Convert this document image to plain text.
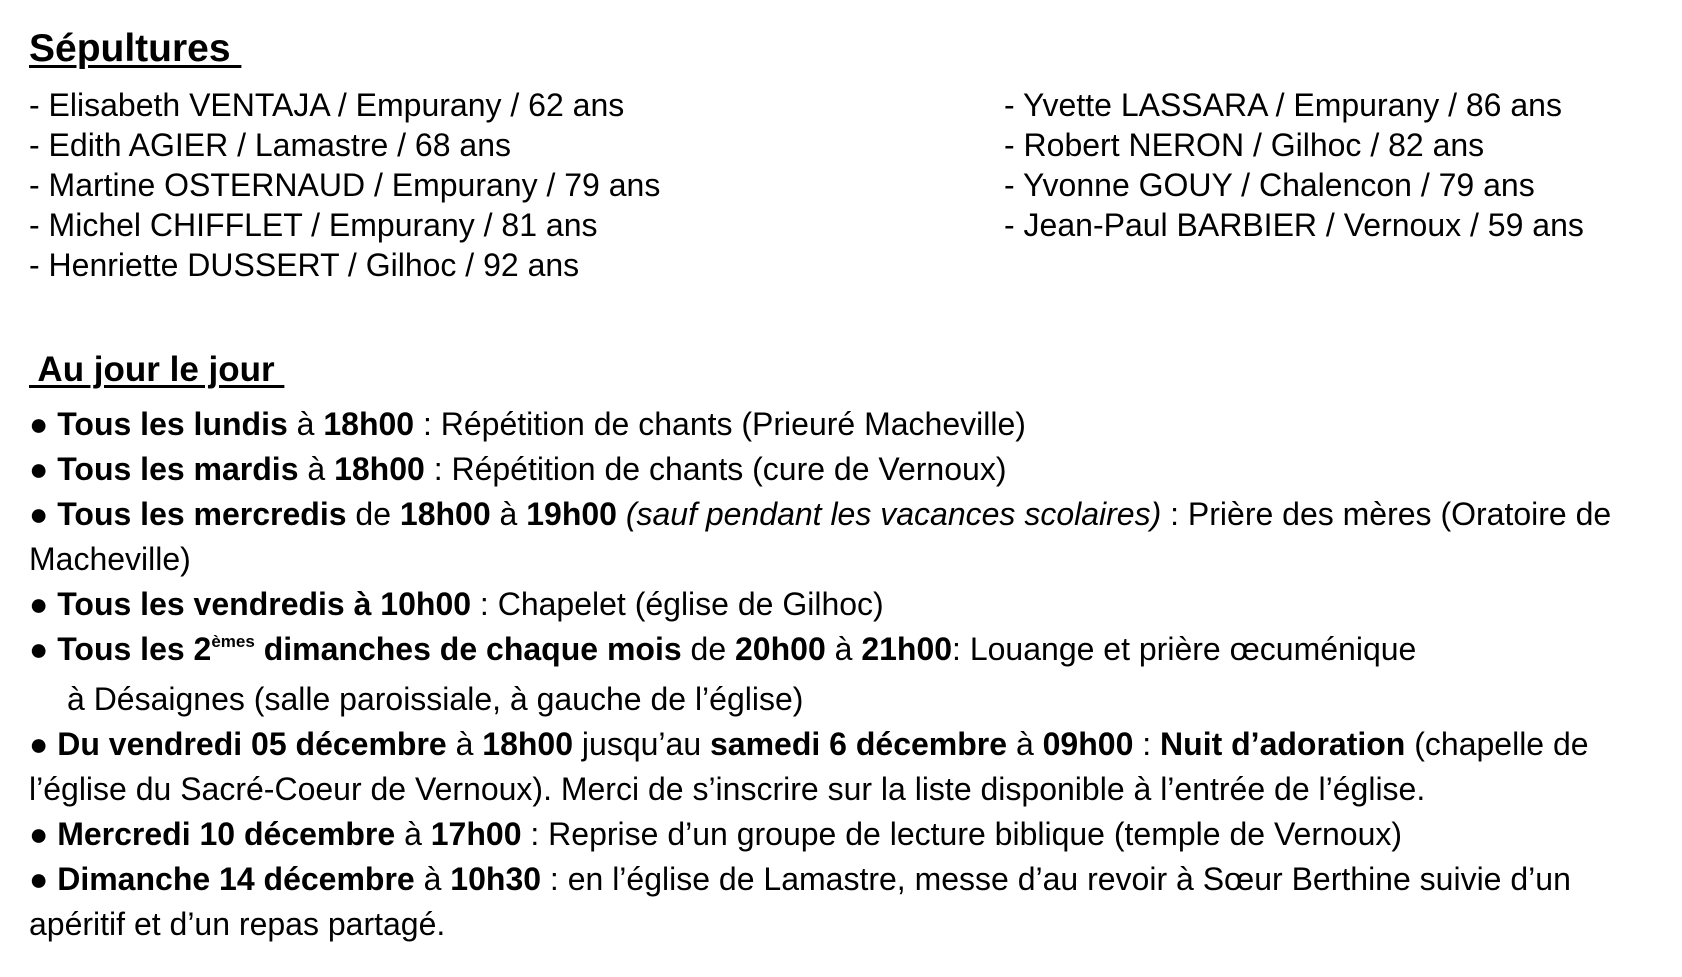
Sépultures
- Elisabeth VENTAJA / Empurany / 62 ans
- Edith AGIER / Lamastre / 68 ans
- Martine OSTERNAUD / Empurany / 79 ans
- Michel CHIFFLET / Empurany / 81 ans
- Henriette DUSSERT / Gilhoc / 92 ans
- Yvette LASSARA / Empurany / 86 ans
- Robert NERON / Gilhoc / 82 ans
- Yvonne GOUY / Chalencon / 79 ans
- Jean-Paul BARBIER / Vernoux / 59 ans
Au jour le jour
● Tous les lundis à 18h00 : Répétition de chants (Prieuré Macheville)
● Tous les mardis à 18h00 : Répétition de chants (cure de Vernoux)
● Tous les mercredis de 18h00 à 19h00 (sauf pendant les vacances scolaires) : Prière des mères (Oratoire de Macheville)
● Tous les vendredis à 10h00 : Chapelet (église de Gilhoc)
● Tous les 2èmes dimanches de chaque mois de 20h00 à 21h00: Louange et prière œcuménique
à Désaignes (salle paroissiale, à gauche de l’église)
● Du vendredi 05 décembre à 18h00 jusqu’au samedi 6 décembre à 09h00 : Nuit d’adoration (chapelle de l’église du Sacré-Coeur de Vernoux). Merci de s’inscrire sur la liste disponible à l’entrée de l’église.
● Mercredi 10 décembre à 17h00 : Reprise d’un groupe de lecture biblique (temple de Vernoux)
● Dimanche 14 décembre à 10h30 : en l’église de Lamastre, messe d’au revoir à Sœur Berthine suivie d’un apéritif et d’un repas partagé.
